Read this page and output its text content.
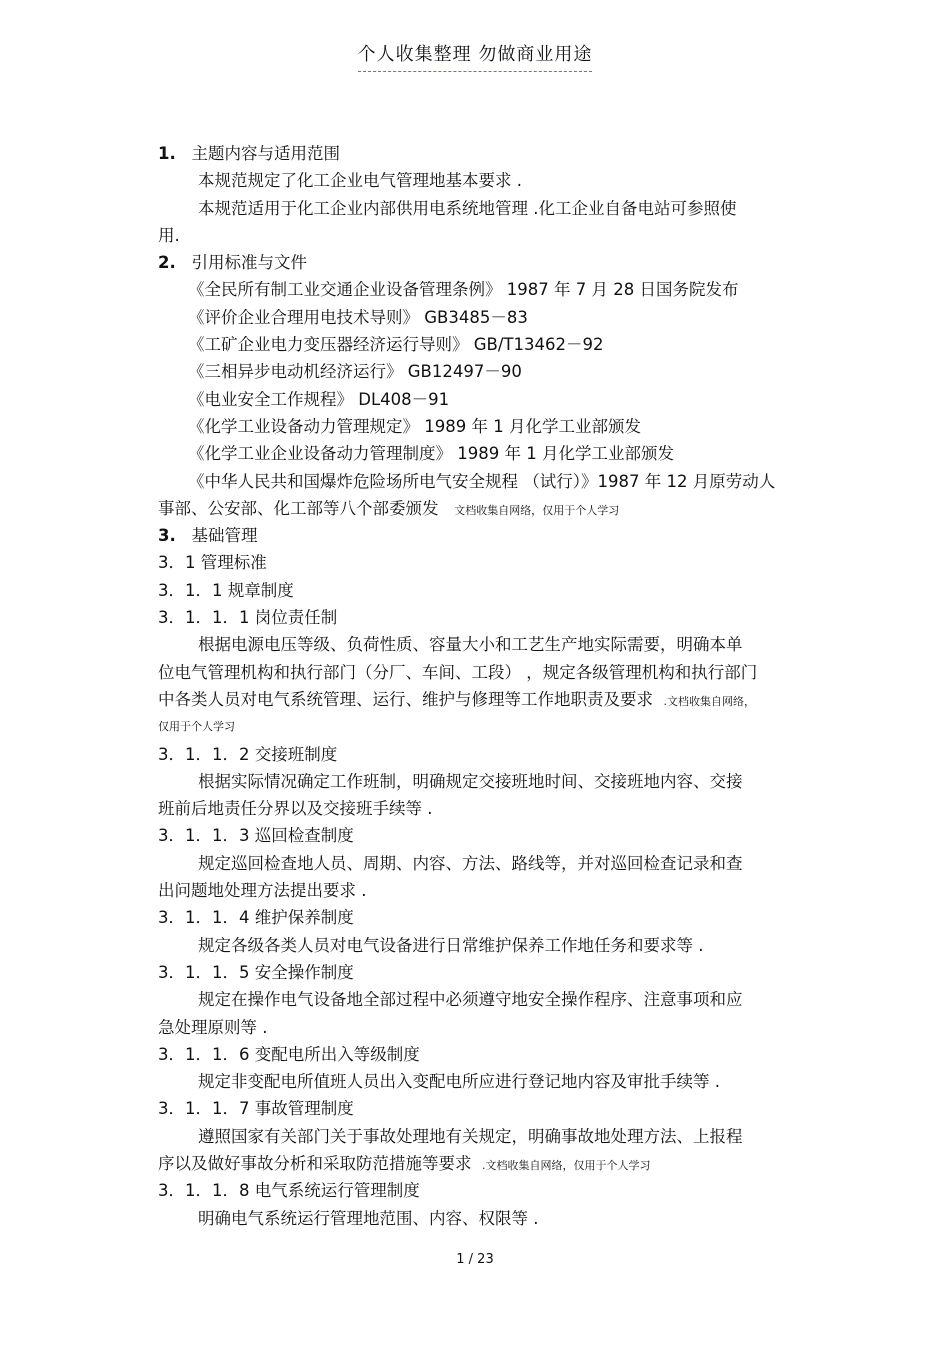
个人收集整理 勿做商业用途
1. 主题内容与适用范围
本规范规定了化工企业电气管理地基本要求 .
本规范适用于化工企业内部供用电系统地管理 .化工企业自备电站可参照使
用.
2. 引用标准与文件
《全民所有制工业交通企业设备管理条例》 1987 年 7 月 28 日国务院发布
《评价企业合理用电技术导则》 GB3485－83
《工矿企业电力变压器经济运行导则》 GB/T13462－92
《三相异步电动机经济运行》 GB12497－90
《电业安全工作规程》 DL408－91
《化学工业设备动力管理规定》 1989 年 1 月化学工业部颁发
《化学工业企业设备动力管理制度》 1989 年 1 月化学工业部颁发
《中华人民共和国爆炸危险场所电气安全规程 （试行）》1987 年 12 月原劳动人
事部、公安部、化工部等八个部委颁发 文档收集自网络，仅用于个人学习
3. 基础管理
3．1 管理标准
3．1．1 规章制度
3．1．1．1 岗位责任制
根据电源电压等级、负荷性质、容量大小和工艺生产地实际需要，明确本单
位电气管理机构和执行部门（分厂、车间、工段） ，规定各级管理机构和执行部门
中各类人员对电气系统管理、运行、维护与修理等工作地职责及要求 .文档收集自网络，
仅用于个人学习
3．1．1．2 交接班制度
根据实际情况确定工作班制，明确规定交接班地时间、交接班地内容、交接
班前后地责任分界以及交接班手续等 .
3．1．1．3 巡回检查制度
规定巡回检查地人员、周期、内容、方法、路线等，并对巡回检查记录和查
出问题地处理方法提出要求 .
3．1．1．4 维护保养制度
规定各级各类人员对电气设备进行日常维护保养工作地任务和要求等 .
3．1．1．5 安全操作制度
规定在操作电气设备地全部过程中必须遵守地安全操作程序、注意事项和应
急处理原则等 .
3．1．1．6 变配电所出入等级制度
规定非变配电所值班人员出入变配电所应进行登记地内容及审批手续等 .
3．1．1．7 事故管理制度
遵照国家有关部门关于事故处理地有关规定，明确事故地处理方法、上报程
序以及做好事故分析和采取防范措施等要求 .文档收集自网络，仅用于个人学习
3．1．1．8 电气系统运行管理制度
明确电气系统运行管理地范围、内容、权限等 .
1 / 23
